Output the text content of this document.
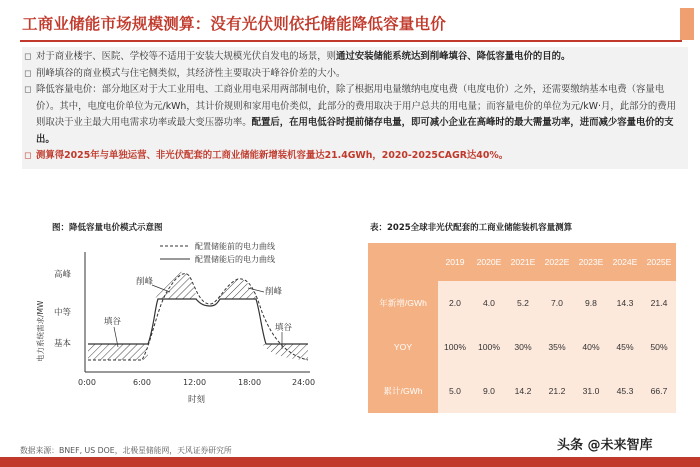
工商业储能市场规模测算：没有光伏则依托储能降低容量电价
◻ 对于商业楼宇、医院、学校等不适用于安装大规模光伏自发电的场景，则通过安装储能系统达到削峰填谷、降低容量电价的目的。
◻ 削峰填谷的商业模式与住宅侧类似，其经济性主要取决于峰谷价差的大小。
◻ 降低容量电价：部分地区对于大工业用电、工商业用电采用两部制电价，除了根据用电量缴纳电度电费（电度电价）之外，还需要缴纳基本电费（容量电价）。其中，电度电价单位为元/kWh，其计价规则和家用电价类似，此部分的费用取决于用户总共的用电量；而容量电价的单位为元/kW·月，此部分的费用则取决于业主最大用电需求功率或最大变压器功率。配置后，在用电低谷时提前储存电量，即可减小企业在高峰时的最大需量功率，进而减少容量电价的支出。
◻ 测算得2025年与单独运营、非光伏配套的工商业储能新增装机容量达21.4GWh，2020-2025CAGR达40%。
图：降低容量电价模式示意图
配置储能前的电力曲线
配置储能后的电力曲线
高峰
中等
基本
电力系统需求/MW
0:00	6:00	12:00	18:00	24:00
时刻
削峰
削峰
填谷
填谷
表：2025全球非光伏配套的工商业储能装机容量测算
	2019	2020E	2021E	2022E	2023E	2024E	2025E
年新增/GWh	2.0	4.0	5.2	7.0	9.8	14.3	21.4
YOY	100%	100%	30%	35%	40%	45%	50%
累计/GWh	5.0	9.0	14.2	21.2	31.0	45.3	66.7
数据来源：BNEF, US DOE，北极星储能网，天风证券研究所	头条 @未来智库
